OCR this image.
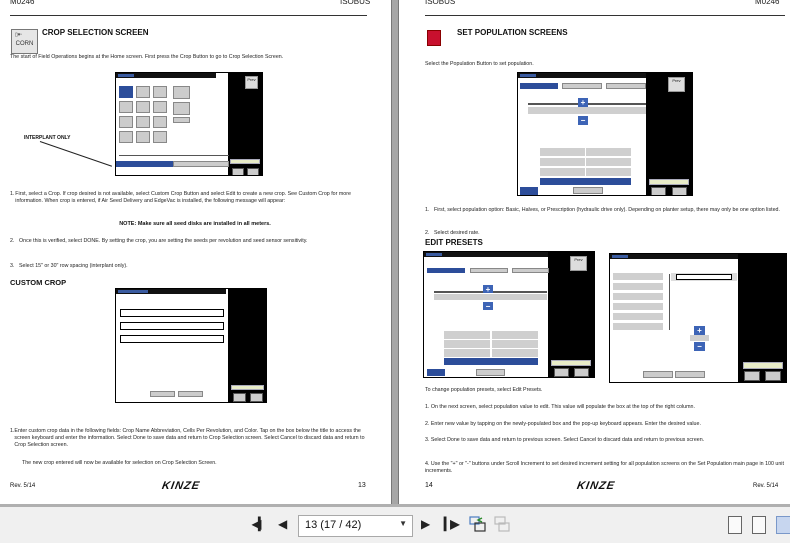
M0246	ISOBUS
▯▾▫
CORN
CROP SELECTION SCREEN
The start of Field Operations begins at the Home screen. First press the Crop Button to go to Crop Selection Screen.
Prev
INTERPLANT ONLY
1. First, select a Crop. If crop desired is not available, select Custom Crop Button and select Edit to create a new crop. See Custom Crop for more information. When crop is entered, if Air Seed Delivery and EdgeVac is installed, the following message will appear:
NOTE: Make sure all seed disks are installed in all meters.
2. Once this is verified, select DONE. By setting the crop, you are setting the seeds per revolution and seed sensor sensitivity.
3. Select 15" or 30" row spacing (interplant only).
CUSTOM CROP
1. Enter custom crop data in the following fields: Crop Name Abbreviation, Cells Per Revolution, and Color. Tap on the box below the title to access the screen keyboard and enter the information. Select Done to save data and return to Crop Selection screen. Select Cancel to discard data and return to Crop Selection screen.
The new crop entered will now be available for selection on Crop Selection Screen.
Rev. 5/14	KINZE	13
ISOBUS	M0246
SET POPULATION SCREENS
Select the Population Button to set population.
Prev
+
−
1. First, select population option: Basic, Halves, or Prescription (hydraulic drive only). Depending on planter setup, there may only be one option listed.
2. Select desired rate.
EDIT PRESETS
Prev
+
−
+
−
To change population presets, select Edit Presets.
1. On the next screen, select population value to edit. This value will populate the box at the top of the right column.
2. Enter new value by tapping on the newly-populated box and the pop-up keyboard appears. Enter the desired value.
3. Select Done to save data and return to previous screen. Select Cancel to discard data and return to previous screen.
4. Use the "+" or "-" buttons under Scroll Increment to set desired increment setting for all population screens on the Set Population main page in 100 unit increments.
14	KINZE	Rev. 5/14
◀▎ ◀	13 (17 / 42)	▼ ▶ ▎▶
